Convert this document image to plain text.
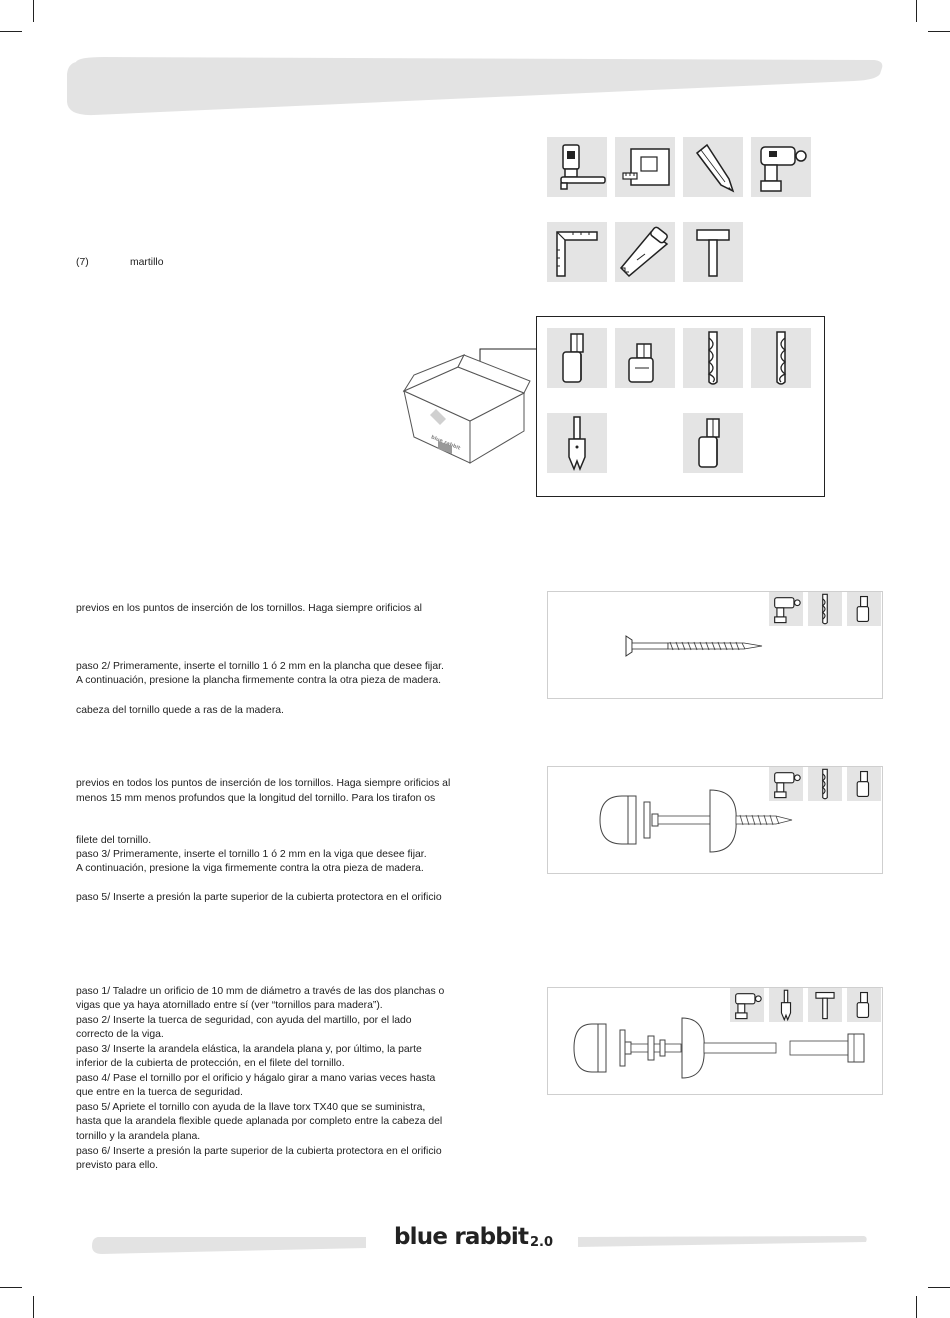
(7)	martillo
blue rabbit
previos en los puntos de inserción de los tornillos. Haga siempre orificios al
paso 2/ Primeramente, inserte el tornillo 1 ó 2 mm en la plancha que desee fijar.
A continuación, presione la plancha firmemente contra la otra pieza de madera.
cabeza del tornillo quede a ras de la madera.
previos en todos los puntos de inserción de los tornillos. Haga siempre orificios al
menos 15 mm menos profundos que la longitud del tornillo. Para los tirafon os
filete del tornillo.
paso 3/ Primeramente, inserte el tornillo 1 ó 2 mm en la viga que desee fijar.
A continuación, presione la viga firmemente contra la otra pieza de madera.
paso 5/ Inserte a presión la parte superior de la cubierta protectora en el orificio
paso 1/ Taladre un orificio de 10 mm de diámetro a través de las dos planchas o
vigas que ya haya atornillado entre sí (ver “tornillos para madera”).
paso 2/ Inserte la tuerca de seguridad, con ayuda del martillo, por el lado
correcto de la viga.
paso 3/ Inserte la arandela elástica, la arandela plana y, por último, la parte
inferior de la cubierta de protección, en el filete del tornillo.
paso 4/ Pase el tornillo por el orificio y hágalo girar a mano varias veces hasta
que entre en la tuerca de seguridad.
paso 5/ Apriete el tornillo con ayuda de la llave torx TX40 que se suministra,
hasta que la arandela flexible quede aplanada por completo entre la cabeza del
tornillo y la arandela plana.
paso 6/ Inserte a presión la parte superior de la cubierta protectora en el orificio
previsto para ello.
blue rabbit 2.0
